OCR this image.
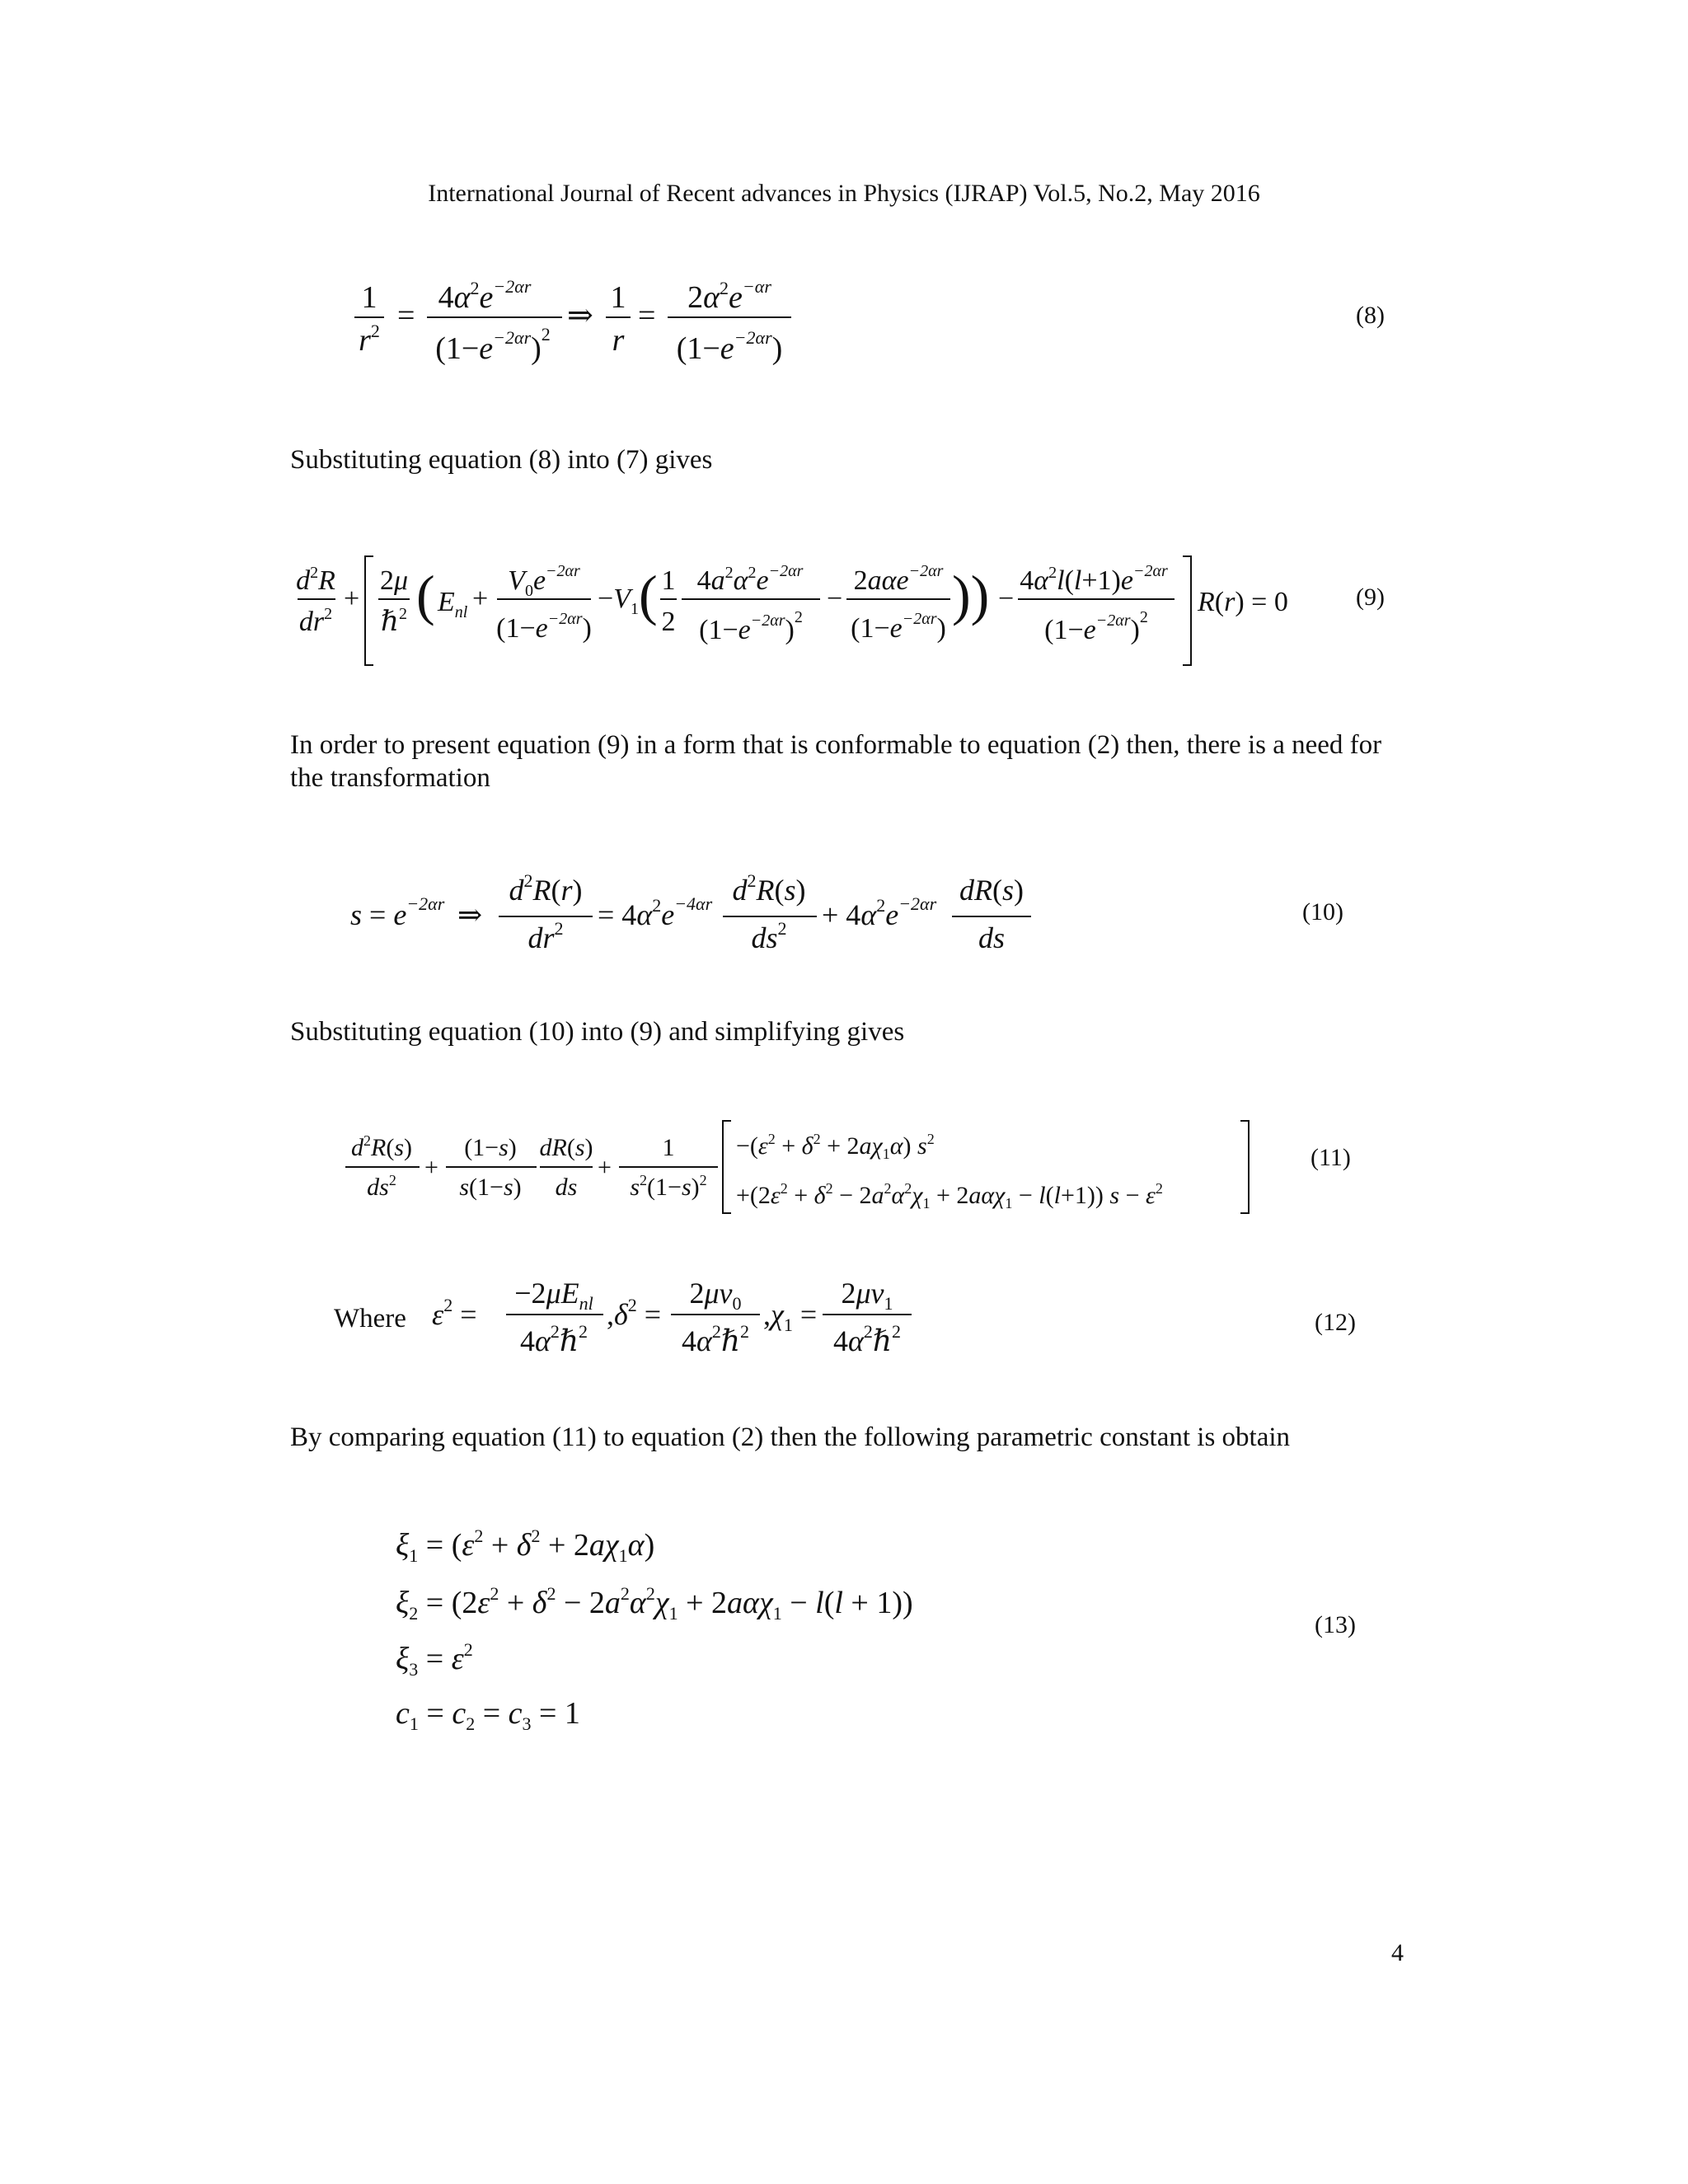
International Journal of Recent advances in Physics (IJRAP) Vol.5, No.2, May 2016
1
$r^2$ =
$4\alpha^2e^{-2\alpha r}$
$(1-e^{-2\alpha r})^2$
⇒
1
r
=
$2\alpha^2e^{-\alpha r}$
$(1-e^{-2\alpha r})$
(8)
Substituting equation (8) into (7) gives
$d^2R$
$dr^2$ +
2μ
ℏ$^2$ ( $E_{nl}$ +
$V_0e^{-2\alpha r}$
$(1-e^{-2\alpha r})$
$-V_1$ ( 1
2
$4a^2\alpha^2e^{-2\alpha r}$
$(1-e^{-2\alpha r})^2$
−
2aαe$^{-2\alpha r}$
$(1-e^{-2\alpha r})$
)) −
$4\alpha^2l(l+1)e^{-2\alpha r}$
$(1-e^{-2\alpha r})^2$ R(r) = 0	(9)
In order to present equation (9) in a form that is conformable to equation (2) then, there is a need for the transformation
$s = e^{-2\alpha r}$ ⇒
$d^2R(r)$
$dr^2 = 4\alpha^2e^{-4\alpha r}$ $d^2R(s)$
$ds^2 + 4\alpha^2e^{-2\alpha r}$ dR(s)
ds
(10)
Substituting equation (10) into (9) and simplifying gives
$d^2R(s)$
$ds^2$ +
(1−s)
s(1−s)
dR(s)
ds
+
1
$s^2(1-s)^2$
$-(\varepsilon^2 + \delta^2 + 2a\chi_1\alpha)$ $s^2$
$+(2\varepsilon^2 + \delta^2 - 2a^2\alpha^2\chi_1 + 2a\alpha\chi_1 - l(l+1)) s - \varepsilon^2$
(11)
Where $\varepsilon^2$ =
$-2\mu E_{nl}$
$4\alpha^2\hbar^2$
$,\delta^2$ =
$2\mu v_0$
$4\alpha^2\hbar^2$
$,\chi_1$ =
$2\mu v_1$
$4\alpha^2\hbar^2$	(12)
By comparing equation (11) to equation (2) then the following parametric constant is obtain
$\xi_1 = (\varepsilon^2 + \delta^2 + 2a\chi_1\alpha)$
$\xi_2 = (2\varepsilon^2 + \delta^2 - 2a^2\alpha^2\chi_1 + 2a\alpha\chi_1 - l(l + 1))$
$\xi_3 = \varepsilon^2$
$c_1 = c_2 = c_3 = 1$
(13)
4
